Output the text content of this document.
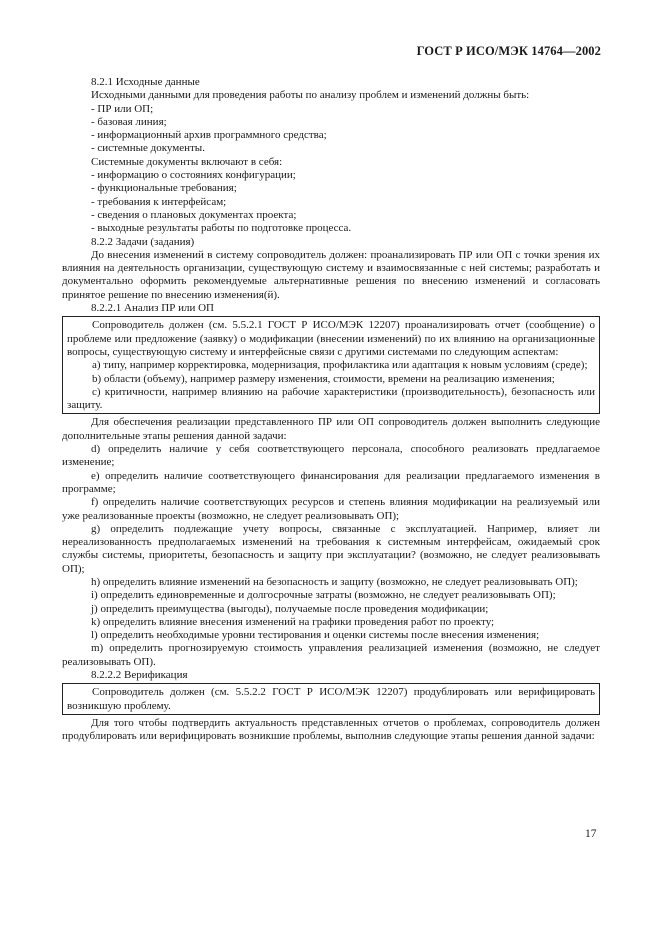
ГОСТ Р ИСО/МЭК 14764—2002

8.2.1 Исходные данные

Исходными данными для проведения работы по анализу проблем и изменений должны быть:

- ПР или ОП;

- базовая линия;

- информационный архив программного средства;

- системные документы.

Системные документы включают в себя:

- информацию о состояниях конфигурации;

- функциональные требования;

- требования к интерфейсам;

- сведения о плановых документах проекта;

- выходные результаты работы по подготовке процесса.

8.2.2 Задачи (задания)

До внесения изменений в систему сопроводитель должен: проанализировать ПР или ОП с точки зрения их влияния на деятельность организации, существующую систему и взаимосвязанные с ней системы; разработать и документально оформить рекомендуемые альтернативные решения по внесению изменений и согласовать принятое решение по внесению изменения(й).

8.2.2.1 Анализ ПР или ОП

Сопроводитель должен (см. 5.5.2.1 ГОСТ Р ИСО/МЭК 12207) проанализировать отчет (сообщение) о проблеме или предложение (заявку) о модификации (внесении изменений) по их влиянию на организационные вопросы, существующую систему и интерфейсные связи с другими системами по следующим аспектам:

a) типу, например корректировка, модернизация, профилактика или адаптация к новым условиям (среде);

b) области (объему), например размеру изменения, стоимости, времени на реализацию изменения;

c) критичности, например влиянию на рабочие характеристики (производительность), безопасность или защиту.

Для обеспечения реализации представленного ПР или ОП сопроводитель должен выполнить следующие дополнительные этапы решения данной задачи:

d) определить наличие у себя соответствующего персонала, способного реализовать предлагаемое изменение;

e) определить наличие соответствующего финансирования для реализации предлагаемого изменения в программе;

f) определить наличие соответствующих ресурсов и степень влияния модификации на реализуемый или уже реализованные проекты (возможно, не следует реализовывать ОП);

g) определить подлежащие учету вопросы, связанные с эксплуатацией. Например, влияет ли нереализованность предполагаемых изменений на требования к системным интерфейсам, ожидаемый срок службы системы, приоритеты, безопасность и защиту при эксплуатации? (возможно, не следует реализовывать ОП);

h) определить влияние изменений на безопасность и защиту (возможно, не следует реализовывать ОП);

i) определить единовременные и долгосрочные затраты (возможно, не следует реализовывать ОП);

j) определить преимущества (выгоды), получаемые после проведения модификации;

k) определить влияние внесения изменений на графики проведения работ по проекту;

l) определить необходимые уровни тестирования и оценки системы после внесения изменения;

m) определить прогнозируемую стоимость управления реализацией изменения (возможно, не следует реализовывать ОП).

8.2.2.2 Верификация

Сопроводитель должен (см. 5.5.2.2 ГОСТ Р ИСО/МЭК 12207) продублировать или верифицировать возникшую проблему.

Для того чтобы подтвердить актуальность представленных отчетов о проблемах, сопроводитель должен продублировать или верифицировать возникшие проблемы, выполнив следующие этапы решения данной задачи:

17
